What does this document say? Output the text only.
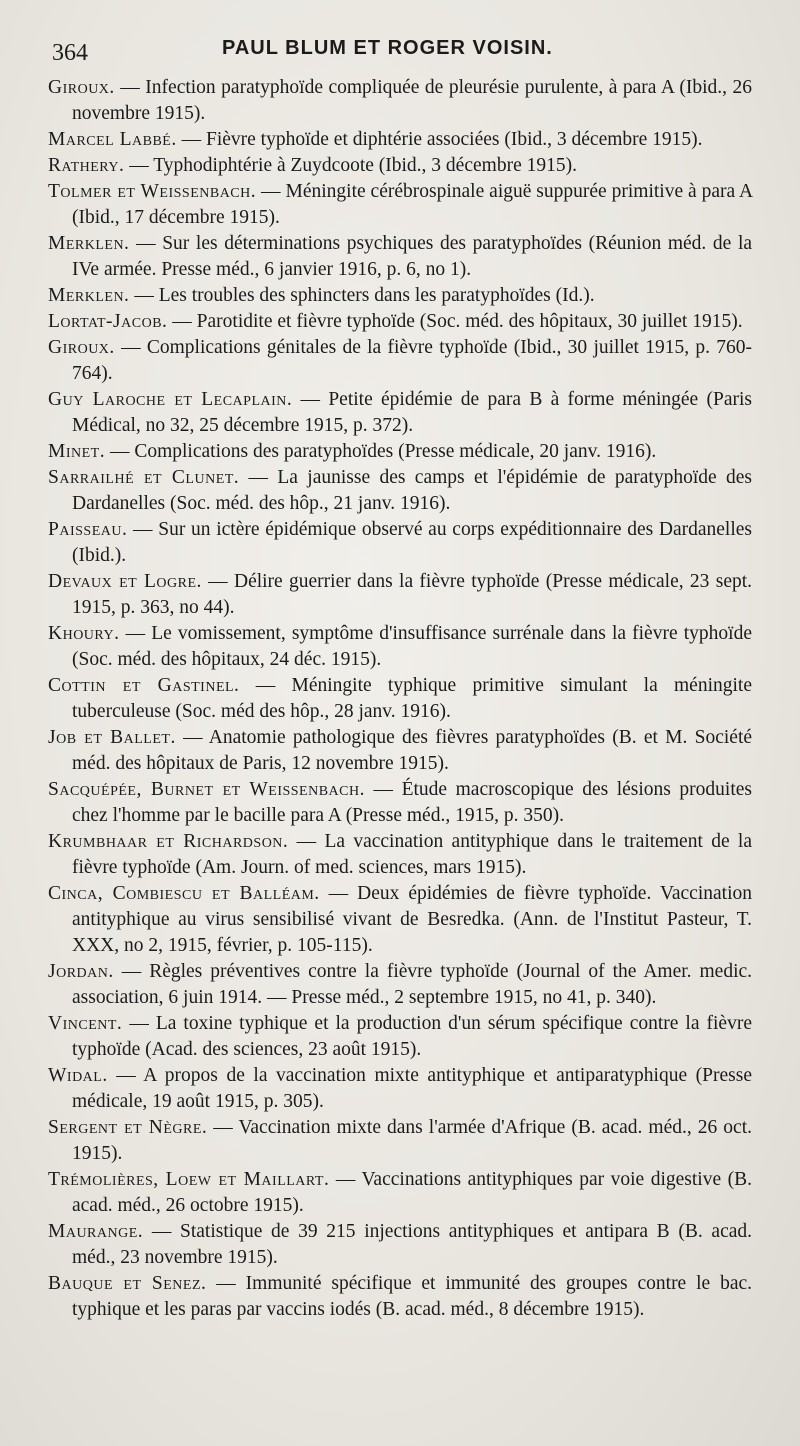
364	PAUL BLUM ET ROGER VOISIN.

Giroux. — Infection paratyphoïde compliquée de pleurésie purulente, à para A (Ibid., 26 novembre 1915).

Marcel Labbé. — Fièvre typhoïde et diphtérie associées (Ibid., 3 décembre 1915).

Rathery. — Typhodiphtérie à Zuydcoote (Ibid., 3 décembre 1915).

Tolmer et Weissenbach. — Méningite cérébrospinale aiguë suppurée primitive à para A (Ibid., 17 décembre 1915).

Merklen. — Sur les déterminations psychiques des paratyphoïdes (Réunion méd. de la IVe armée. Presse méd., 6 janvier 1916, p. 6, no 1).

Merklen. — Les troubles des sphincters dans les paratyphoïdes (Id.).

Lortat-Jacob. — Parotidite et fièvre typhoïde (Soc. méd. des hôpitaux, 30 juillet 1915).

Giroux. — Complications génitales de la fièvre typhoïde (Ibid., 30 juillet 1915, p. 760-764).

Guy Laroche et Lecaplain. — Petite épidémie de para B à forme méningée (Paris Médical, no 32, 25 décembre 1915, p. 372).

Minet. — Complications des paratyphoïdes (Presse médicale, 20 janv. 1916).

Sarrailhé et Clunet. — La jaunisse des camps et l'épidémie de paratyphoïde des Dardanelles (Soc. méd. des hôp., 21 janv. 1916).

Paisseau. — Sur un ictère épidémique observé au corps expéditionnaire des Dardanelles (Ibid.).

Devaux et Logre. — Délire guerrier dans la fièvre typhoïde (Presse médicale, 23 sept. 1915, p. 363, no 44).

Khoury. — Le vomissement, symptôme d'insuffisance surrénale dans la fièvre typhoïde (Soc. méd. des hôpitaux, 24 déc. 1915).

Cottin et Gastinel. — Méningite typhique primitive simulant la méningite tuberculeuse (Soc. méd des hôp., 28 janv. 1916).

Job et Ballet. — Anatomie pathologique des fièvres paratyphoïdes (B. et M. Société méd. des hôpitaux de Paris, 12 novembre 1915).

Sacquépée, Burnet et Weissenbach. — Étude macroscopique des lésions produites chez l'homme par le bacille para A (Presse méd., 1915, p. 350).

Krumbhaar et Richardson. — La vaccination antityphique dans le traitement de la fièvre typhoïde (Am. Journ. of med. sciences, mars 1915).

Cinca, Combiescu et Balléam. — Deux épidémies de fièvre typhoïde. Vaccination antityphique au virus sensibilisé vivant de Besredka. (Ann. de l'Institut Pasteur, T. XXX, no 2, 1915, février, p. 105-115).

Jordan. — Règles préventives contre la fièvre typhoïde (Journal of the Amer. medic. association, 6 juin 1914. — Presse méd., 2 septembre 1915, no 41, p. 340).

Vincent. — La toxine typhique et la production d'un sérum spécifique contre la fièvre typhoïde (Acad. des sciences, 23 août 1915).

Widal. — A propos de la vaccination mixte antityphique et antiparatyphique (Presse médicale, 19 août 1915, p. 305).

Sergent et Nègre. — Vaccination mixte dans l'armée d'Afrique (B. acad. méd., 26 oct. 1915).

Trémolières, Loew et Maillart. — Vaccinations antityphiques par voie digestive (B. acad. méd., 26 octobre 1915).

Maurange. — Statistique de 39 215 injections antityphiques et antipara B (B. acad. méd., 23 novembre 1915).

Bauque et Senez. — Immunité spécifique et immunité des groupes contre le bac. typhique et les paras par vaccins iodés (B. acad. méd., 8 décembre 1915).
